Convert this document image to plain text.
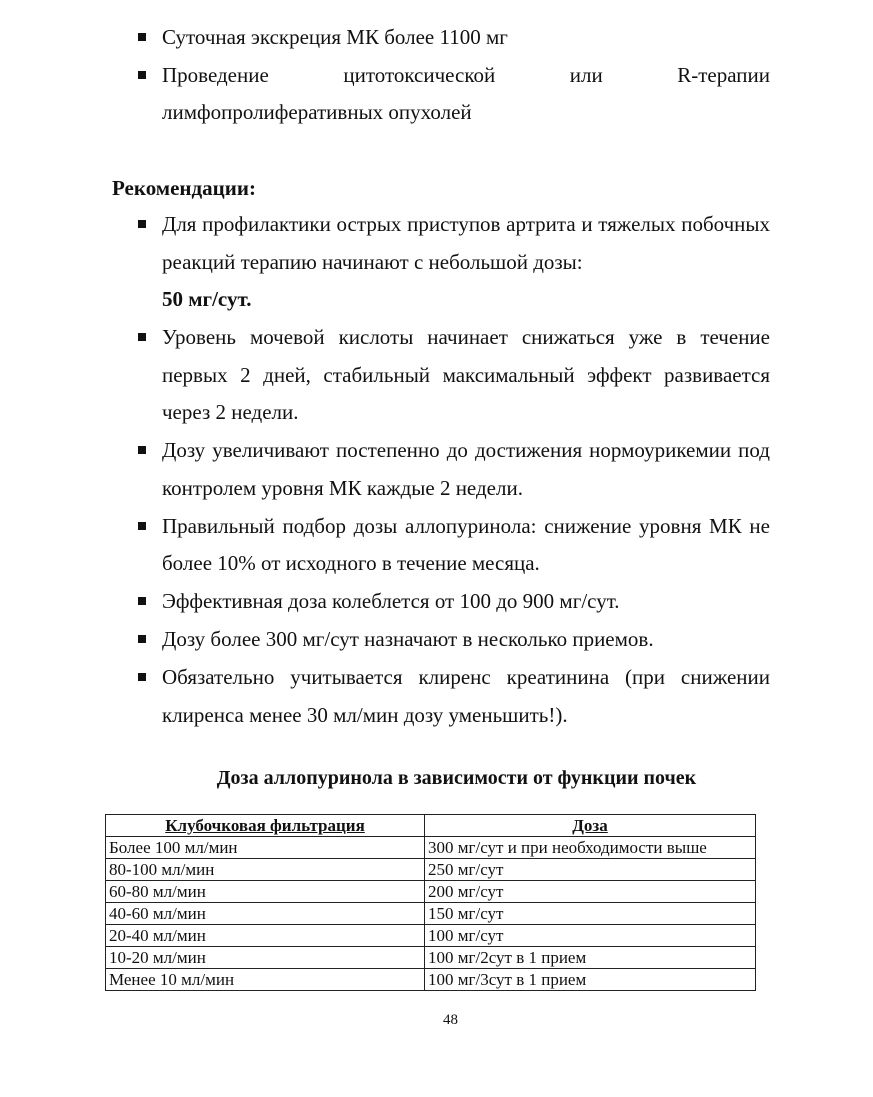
Суточная экскреция МК более 1100 мг
Проведение цитотоксической или R-терапии
лимфопролиферативных опухолей
Рекомендации:
Для профилактики острых приступов артрита и тяжелых побочных реакций терапию начинают с небольшой дозы:
50 мг/сут.
Уровень мочевой кислоты начинает снижаться уже в течение первых 2 дней, стабильный максимальный эффект развивается через 2 недели.
Дозу увеличивают постепенно до достижения нормоурикемии под контролем уровня МК каждые 2 недели.
Правильный подбор дозы аллопуринола: снижение уровня МК не более 10% от исходного в течение месяца.
Эффективная доза колеблется от 100 до 900 мг/сут.
Дозу более 300 мг/сут назначают в несколько приемов.
Обязательно учитывается клиренс креатинина (при снижении клиренса менее 30 мл/мин дозу уменьшить!).
Доза аллопуринола в зависимости от функции почек
Клубочковая фильтрация	Доза
Более 100 мл/мин	300 мг/сут и при необходимости выше
80-100 мл/мин	250 мг/сут
60-80 мл/мин	200 мг/сут
40-60 мл/мин	150 мг/сут
20-40 мл/мин	100 мг/сут
10-20 мл/мин	100 мг/2сут в 1 прием
Менее 10 мл/мин	100 мг/3сут в 1 прием
48
